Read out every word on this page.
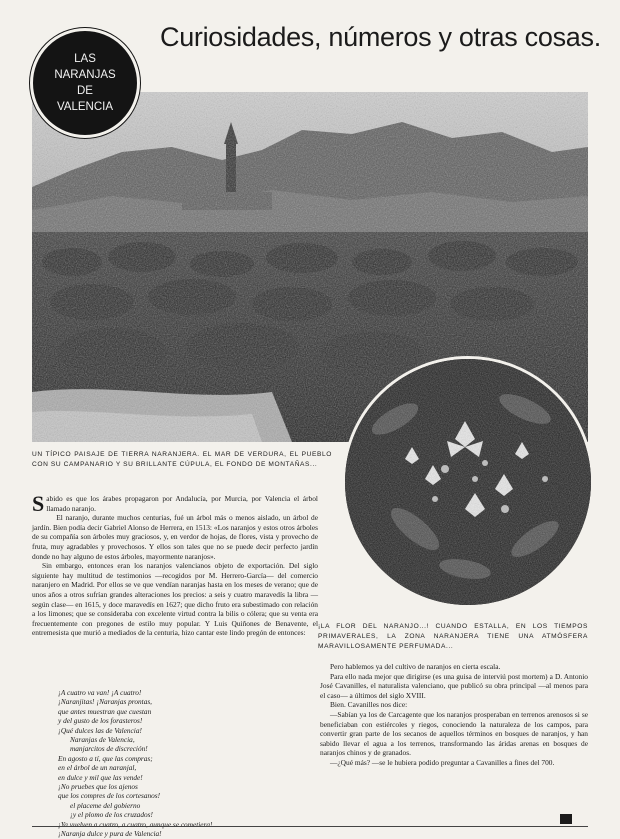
Curiosidades, números y otras cosas.
LAS
NARANJAS
DE
VALENCIA

UN TÍPICO PAISAJE DE TIERRA NARANJERA. EL MAR DE VERDURA, EL PUEBLO CON SU CAMPANARIO Y SU BRILLANTE CÚPULA, EL FONDO DE MONTAÑAS...

Sabido es que los árabes propagaron por Andalucía, por Murcia, por Valencia el árbol llamado naranjo.

El naranjo, durante muchos centurias, fué un árbol más o menos aislado, un árbol de jardín. Bien podía decir Gabriel Alonso de Herrera, en 1513: «Los naranjos y estos otros árboles de su compañía son árboles muy graciosos, y, en verdor de hojas, de flores, vista y provecho de fruta, muy agradables y provechosos. Y ellos son tales que no se puede decir perfecto jardín donde no hay alguno de estos árboles, mayormente naranjos».

Sin embargo, entonces eran los naranjos valencianos objeto de exportación. Del siglo siguiente hay multitud de testimonios —recogidos por M. Herrero-García— del comercio naranjero en Madrid. Por ellos se ve que vendían naranjas hasta en los meses de verano; que de unos años a otros sufrían grandes alteraciones los precios: a seis y cuatro maravedís la libra —según clase— en 1615, y doce maravedís en 1627; que dicho fruto era subestimado con relación a los limones; que se consideraba con excelente virtud contra la bilis o cólera; que su venta era frecuentemente con pregones de estilo muy popular. Y Luis Quiñones de Benavente, el entremesista que murió a mediados de la centuria, hizo cantar este lindo pregón de entonces:

¡A cuatro va van! ¡A cuatro!
¡Naranjitas! ¡Naranjas prontas,
que antes muestran que cuestan
y del gusto de los forasteros!
¡Qué dulces las de Valencia!
Naranjas de Valencia,
manjarcitos de discreción!
En agosto a tí, que las compras;
en el árbol de un naranjal,
en dulce y mil que las vende!
¡No pruebes que los ajenos
que los compres de los cortesanos!
el placeme del gobierno
¡y el plomo de los cruzados!
¡Ya vuelven a cuatro, a cuatro, aunque se cometiera!
¡Naranja dulce y pura de Valencia!

¡LA FLOR DEL NARANJO...! CUANDO ESTALLA, EN LOS TIEMPOS PRIMAVERALES, LA ZONA NARANJERA TIENE UNA ATMÓSFERA MARAVILLOSAMENTE PERFUMADA...

Pero hablemos ya del cultivo de naranjos en cierta escala.

Para ello nada mejor que dirigirse (es una guisa de interviú post mortem) a D. Antonio José Cavanilles, el naturalista valenciano, que publicó su obra principal —al menos para el caso— a últimos del siglo XVIII.

Bien. Cavanilles nos dice:

—Sabían ya los de Carcagente que los naranjos prosperaban en terrenos arenosos si se beneficiaban con estiércoles y riegos, conociendo la naturaleza de los campos, para convertir gran parte de los secanos de aquellos términos en bosques de naranjos, y han sabido llevar el agua a los terrenos, transformando las áridas arenas en bosques de naranjos chinos y de granados.

—¿Qué más? —se le hubiera podido preguntar a Cavanilles a fines del 700.
